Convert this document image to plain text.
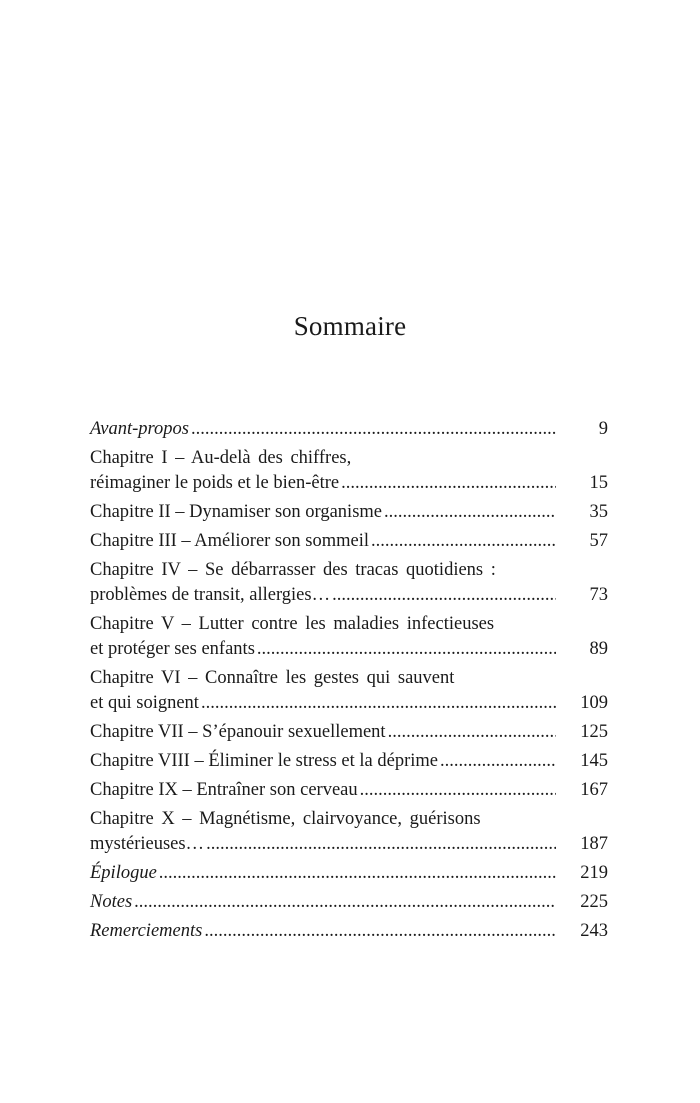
Sommaire
Avant-propos .....	9
Chapitre I – Au-delà des chiffres,
réimaginer le poids et le bien-être .....	15
Chapitre II – Dynamiser son organisme .....	35
Chapitre III – Améliorer son sommeil .....	57
Chapitre IV – Se débarrasser des tracas quotidiens :
problèmes de transit, allergies… .....	73
Chapitre V – Lutter contre les maladies infectieuses
et protéger ses enfants .....	89
Chapitre VI – Connaître les gestes qui sauvent
et qui soignent .....	109
Chapitre VII – S’épanouir sexuellement .....	125
Chapitre VIII – Éliminer le stress et la déprime .....	145
Chapitre IX – Entraîner son cerveau .....	167
Chapitre X – Magnétisme, clairvoyance, guérisons
mystérieuses… .....	187
Épilogue .....	219
Notes .....	225
Remerciements .....	243
